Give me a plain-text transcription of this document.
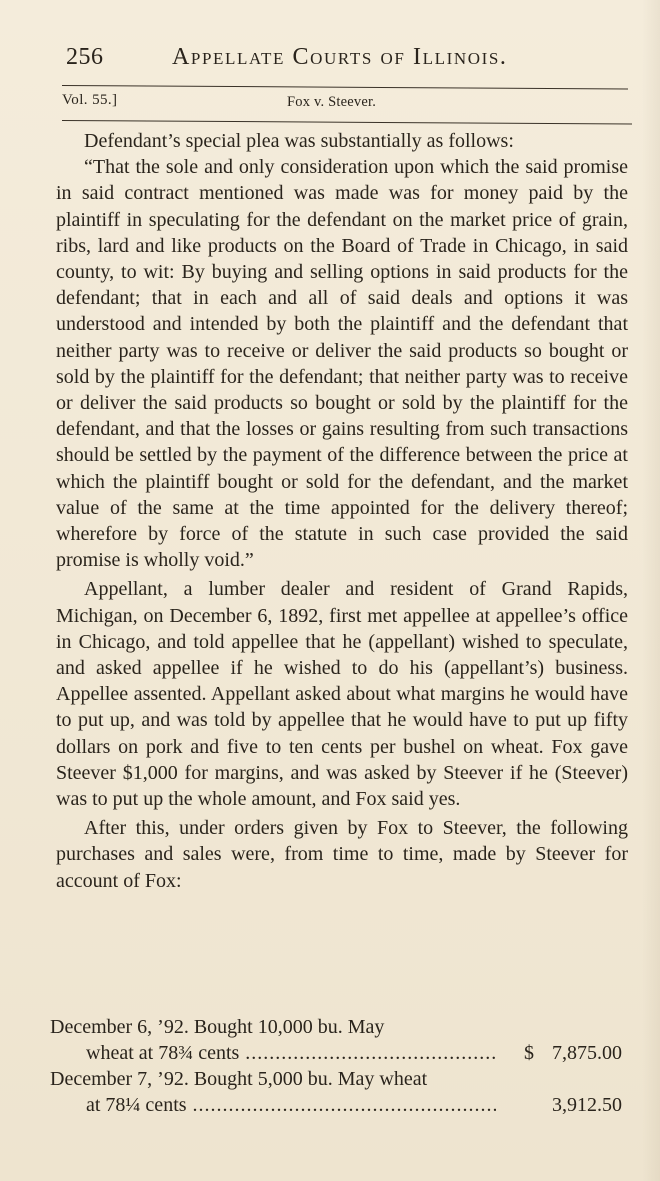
256	Appellate Courts of Illinois.
Vol. 55.]	Fox v. Steever.

Defendant’s special plea was substantially as follows:

“That the sole and only consideration upon which the said promise in said contract mentioned was made was for money paid by the plaintiff in speculating for the defendant on the market price of grain, ribs, lard and like products on the Board of Trade in Chicago, in said county, to wit: By buying and selling options in said products for the defendant; that in each and all of said deals and options it was understood and intended by both the plaintiff and the defendant that neither party was to receive or deliver the said products so bought or sold by the plaintiff for the defendant; that neither party was to receive or deliver the said products so bought or sold by the plaintiff for the defendant, and that the losses or gains resulting from such transactions should be settled by the payment of the difference between the price at which the plaintiff bought or sold for the defendant, and the market value of the same at the time appointed for the delivery thereof; wherefore by force of the statute in such case provided the said promise is wholly void.”

Appellant, a lumber dealer and resident of Grand Rapids, Michigan, on December 6, 1892, first met appellee at appellee’s office in Chicago, and told appellee that he (appellant) wished to speculate, and asked appellee if he wished to do his (appellant’s) business. Appellee assented. Appellant asked about what margins he would have to put up, and was told by appellee that he would have to put up fifty dollars on pork and five to ten cents per bushel on wheat. Fox gave Steever $1,000 for margins, and was asked by Steever if he (Steever) was to put up the whole amount, and Fox said yes.

After this, under orders given by Fox to Steever, the following purchases and sales were, from time to time, made by Steever for account of Fox:

December 6, ’92. Bought 10,000 bu. May
wheat at 78¾ cents .....	$ 7,875.00
December 7, ’92. Bought 5,000 bu. May wheat
at 78¼ cents .....	3,912.50
